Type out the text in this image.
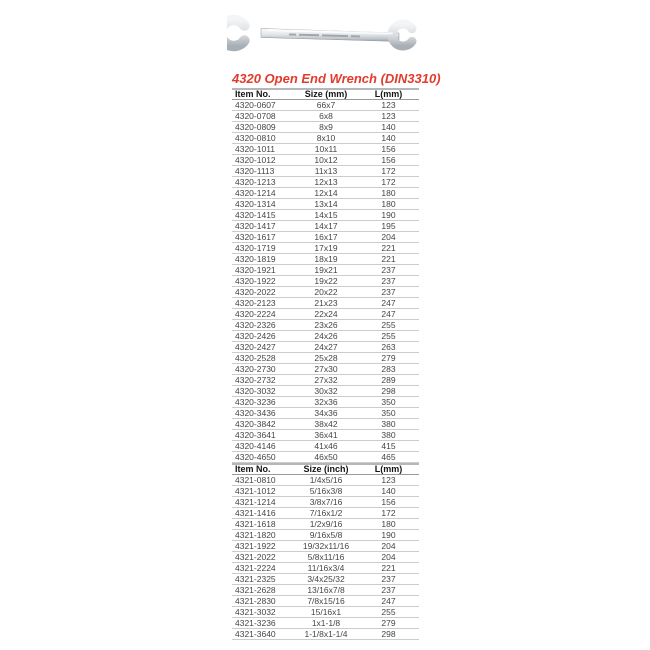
4320 Open End Wrench (DIN3310)
Item No.	Size (mm)	L(mm)
4320-0607	66x7	123
4320-0708	6x8	123
4320-0809	8x9	140
4320-0810	8x10	140
4320-1011	10x11	156
4320-1012	10x12	156
4320-1113	11x13	172
4320-1213	12x13	172
4320-1214	12x14	180
4320-1314	13x14	180
4320-1415	14x15	190
4320-1417	14x17	195
4320-1617	16x17	204
4320-1719	17x19	221
4320-1819	18x19	221
4320-1921	19x21	237
4320-1922	19x22	237
4320-2022	20x22	237
4320-2123	21x23	247
4320-2224	22x24	247
4320-2326	23x26	255
4320-2426	24x26	255
4320-2427	24x27	263
4320-2528	25x28	279
4320-2730	27x30	283
4320-2732	27x32	289
4320-3032	30x32	298
4320-3236	32x36	350
4320-3436	34x36	350
4320-3842	38x42	380
4320-3641	36x41	380
4320-4146	41x46	415
4320-4650	46x50	465
Item No.	Size (inch)	L(mm)
4321-0810	1/4x5/16	123
4321-1012	5/16x3/8	140
4321-1214	3/8x7/16	156
4321-1416	7/16x1/2	172
4321-1618	1/2x9/16	180
4321-1820	9/16x5/8	190
4321-1922	19/32x11/16	204
4321-2022	5/8x11/16	204
4321-2224	11/16x3/4	221
4321-2325	3/4x25/32	237
4321-2628	13/16x7/8	237
4321-2830	7/8x15/16	247
4321-3032	15/16x1	255
4321-3236	1x1-1/8	279
4321-3640	1-1/8x1-1/4	298
